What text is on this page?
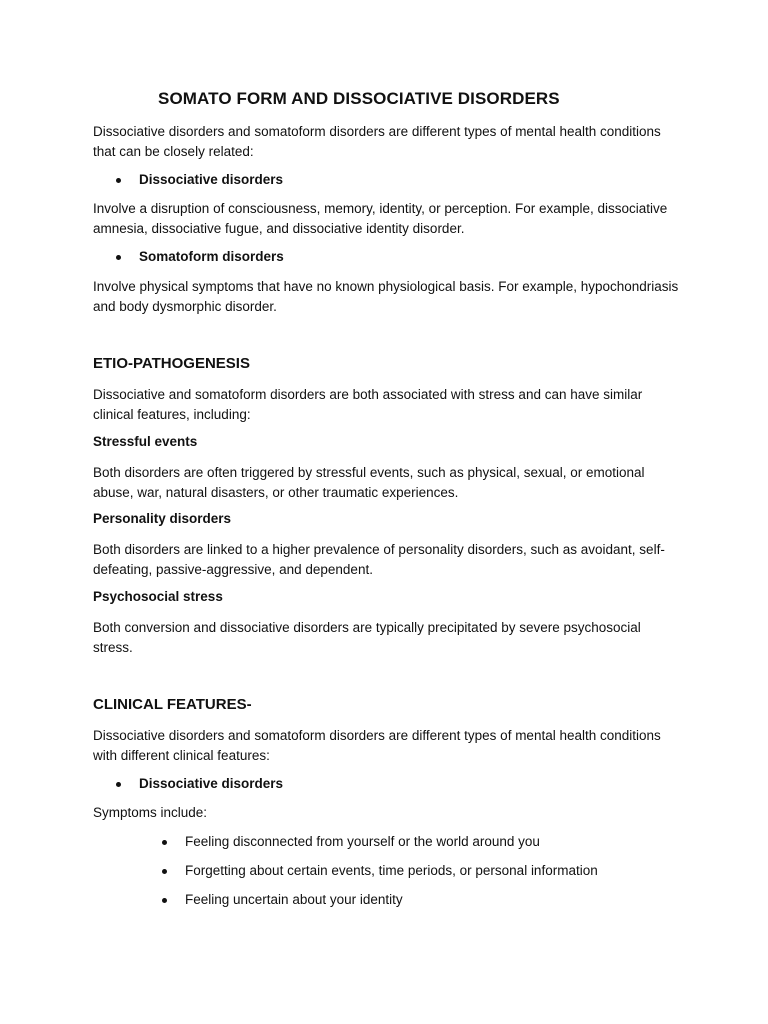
SOMATO FORM AND DISSOCIATIVE DISORDERS

Dissociative disorders and somatoform disorders are different types of mental health conditions that can be closely related:

Dissociative disorders

Involve a disruption of consciousness, memory, identity, or perception. For example, dissociative amnesia, dissociative fugue, and dissociative identity disorder.

Somatoform disorders

Involve physical symptoms that have no known physiological basis. For example, hypochondriasis and body dysmorphic disorder.

ETIO-PATHOGENESIS

Dissociative and somatoform disorders are both associated with stress and can have similar clinical features, including:

Stressful events

Both disorders are often triggered by stressful events, such as physical, sexual, or emotional abuse, war, natural disasters, or other traumatic experiences.

Personality disorders

Both disorders are linked to a higher prevalence of personality disorders, such as avoidant, self-defeating, passive-aggressive, and dependent.

Psychosocial stress

Both conversion and dissociative disorders are typically precipitated by severe psychosocial stress.

CLINICAL FEATURES-

Dissociative disorders and somatoform disorders are different types of mental health conditions with different clinical features:

Dissociative disorders
Symptoms include:
Feeling disconnected from yourself or the world around you
Forgetting about certain events, time periods, or personal information
Feeling uncertain about your identity
